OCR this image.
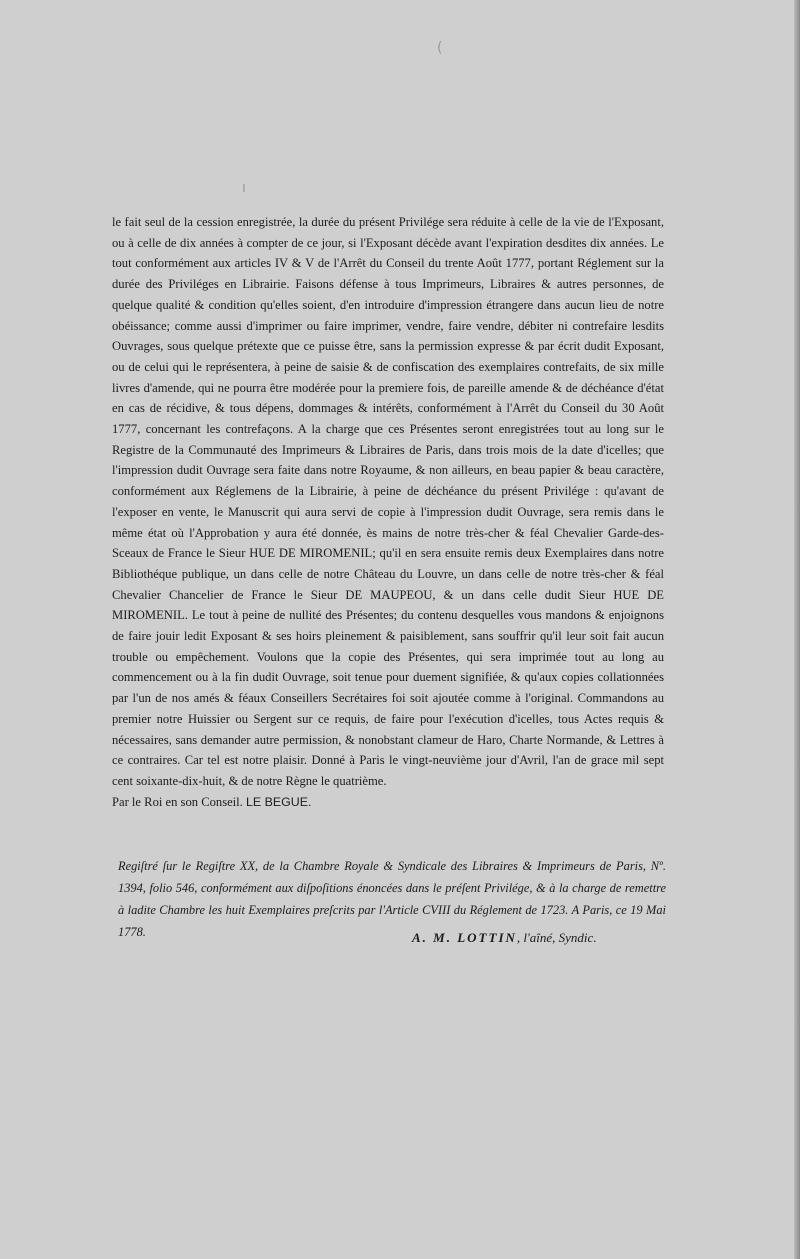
(
ı

le fait seul de la cession enregistrée, la durée du présent Privilége sera réduite à celle de la vie de l'Exposant, ou à celle de dix années à compter de ce jour, si l'Exposant décède avant l'expiration desdites dix années. Le tout conformément aux articles IV & V de l'Arrêt du Conseil du trente Août 1777, portant Réglement sur la durée des Priviléges en Librairie. Faisons défense à tous Imprimeurs, Libraires & autres personnes, de quelque qualité & condition qu'elles soient, d'en introduire d'impression étrangere dans aucun lieu de notre obéissance; comme aussi d'imprimer ou faire imprimer, vendre, faire vendre, débiter ni contrefaire lesdits Ouvrages, sous quelque prétexte que ce puisse être, sans la permission expresse & par écrit dudit Exposant, ou de celui qui le représentera, à peine de saisie & de confiscation des exemplaires contrefaits, de six mille livres d'amende, qui ne pourra être modérée pour la premiere fois, de pareille amende & de déchéance d'état en cas de récidive, & tous dépens, dommages & intérêts, conformément à l'Arrêt du Conseil du 30 Août 1777, concernant les contrefaçons. A la charge que ces Présentes seront enregistrées tout au long sur le Registre de la Communauté des Imprimeurs & Libraires de Paris, dans trois mois de la date d'icelles; que l'impression dudit Ouvrage sera faite dans notre Royaume, & non ailleurs, en beau papier & beau caractère, conformément aux Réglemens de la Librairie, à peine de déchéance du présent Privilége : qu'avant de l'exposer en vente, le Manuscrit qui aura servi de copie à l'impression dudit Ouvrage, sera remis dans le même état où l'Approbation y aura été donnée, ès mains de notre très-cher & féal Chevalier Garde-des-Sceaux de France le Sieur HUE DE MIROMENIL; qu'il en sera ensuite remis deux Exemplaires dans notre Bibliothéque publique, un dans celle de notre Château du Louvre, un dans celle de notre très-cher & féal Chevalier Chancelier de France le Sieur DE MAUPEOU, & un dans celle dudit Sieur HUE DE MIROMENIL. Le tout à peine de nullité des Présentes; du contenu desquelles vous mandons & enjoignons de faire jouir ledit Exposant & ses hoirs pleinement & paisiblement, sans souffrir qu'il leur soit fait aucun trouble ou empêchement. Voulons que la copie des Présentes, qui sera imprimée tout au long au commencement ou à la fin dudit Ouvrage, soit tenue pour duement signifiée, & qu'aux copies collationnées par l'un de nos amés & féaux Conseillers Secrétaires foi soit ajoutée comme à l'original. Commandons au premier notre Huissier ou Sergent sur ce requis, de faire pour l'exécution d'icelles, tous Actes requis & nécessaires, sans demander autre permission, & nonobstant clameur de Haro, Charte Normande, & Lettres à ce contraires. Car tel est notre plaisir. Donné à Paris le vingt-neuvième jour d'Avril, l'an de grace mil sept cent soixante-dix-huit, & de notre Règne le quatrième.

Par le Roi en son Conseil. LE BEGUE.

Regiſtré ſur le Regiſtre XX, de la Chambre Royale & Syndicale des Libraires & Imprimeurs de Paris, Nº. 1394, folio 546, conformément aux diſpoſitions énoncées dans le préſent Privilége, & à la charge de remettre à ladite Chambre les huit Exemplaires preſcrits par l'Article CVIII du Réglement de 1723. A Paris, ce 19 Mai 1778.	A. M. LOTTIN, l'aîné, Syndic.
